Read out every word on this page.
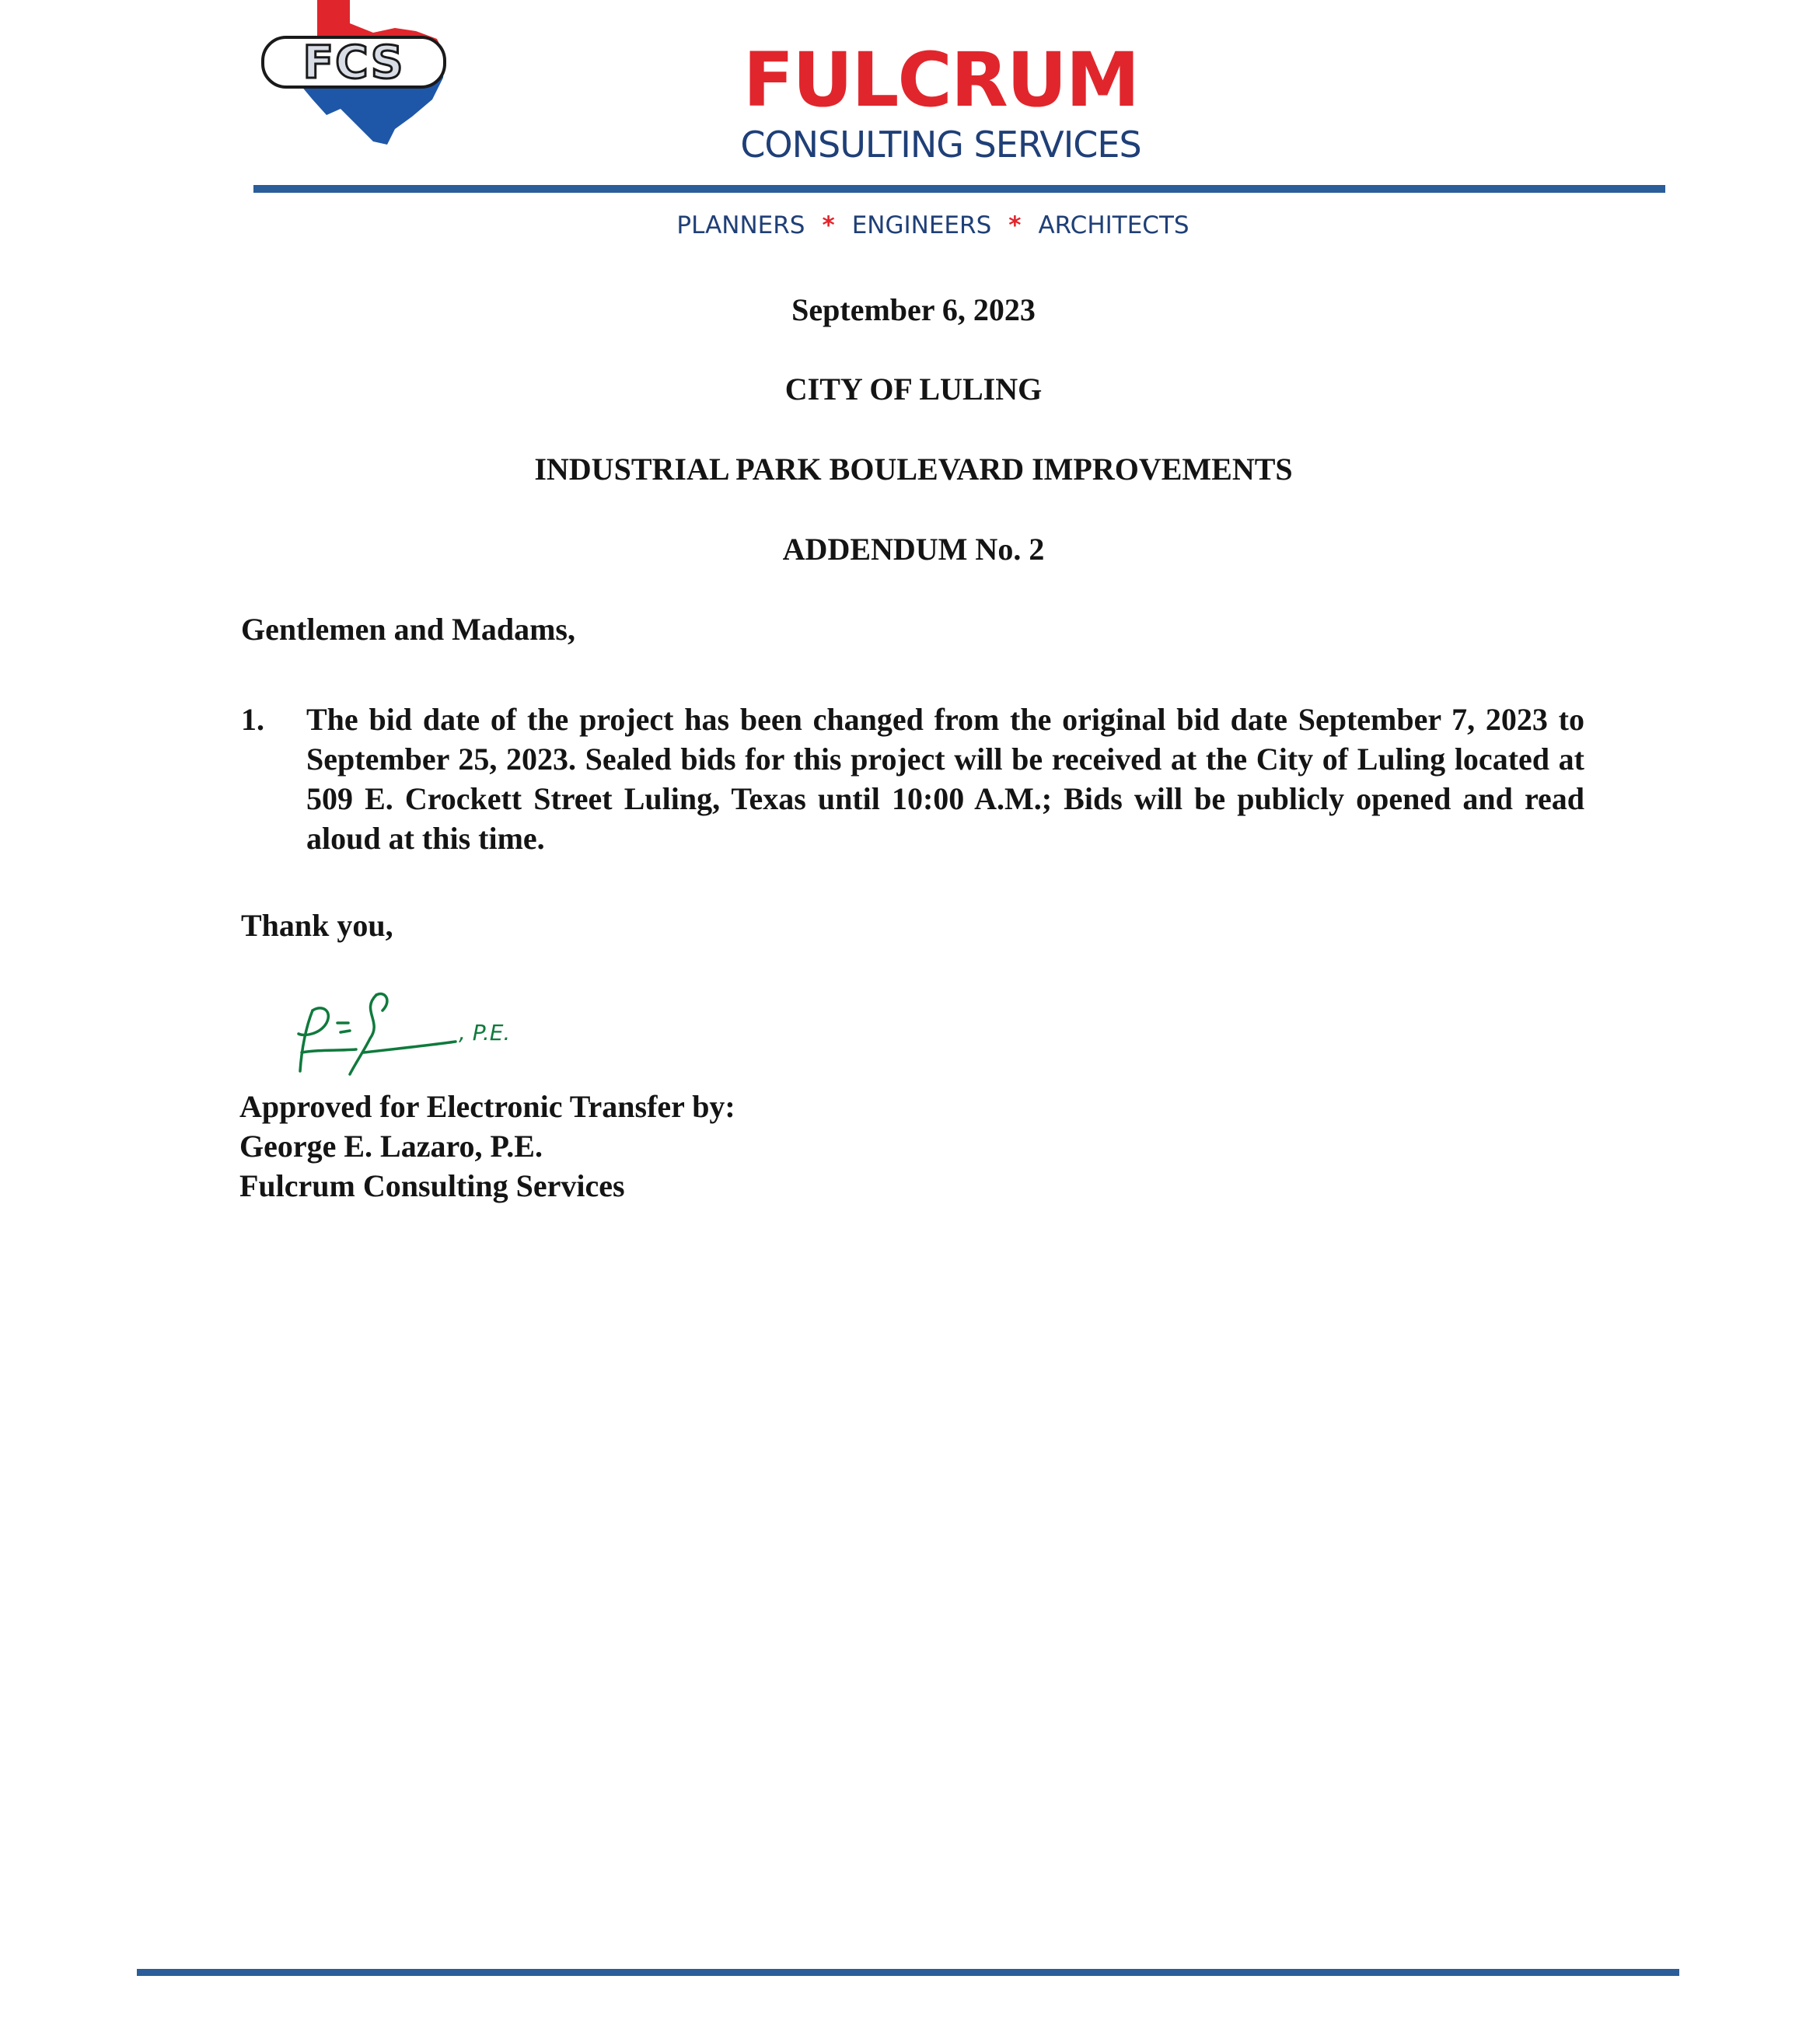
FCS	FULCRUM
CONSULTING SERVICES
PLANNERS * ENGINEERS * ARCHITECTS
September 6, 2023
CITY OF LULING
INDUSTRIAL PARK BOULEVARD IMPROVEMENTS
ADDENDUM No. 2
Gentlemen and Madams,
1. The bid date of the project has been changed from the original bid date September 7, 2023 to September 25, 2023. Sealed bids for this project will be received at the City of Luling located at 509 E. Crockett Street Luling, Texas until 10:00 A.M.; Bids will be publicly opened and read aloud at this time.
Thank you,
, P.E.
Approved for Electronic Transfer by:
George E. Lazaro, P.E.
Fulcrum Consulting Services
